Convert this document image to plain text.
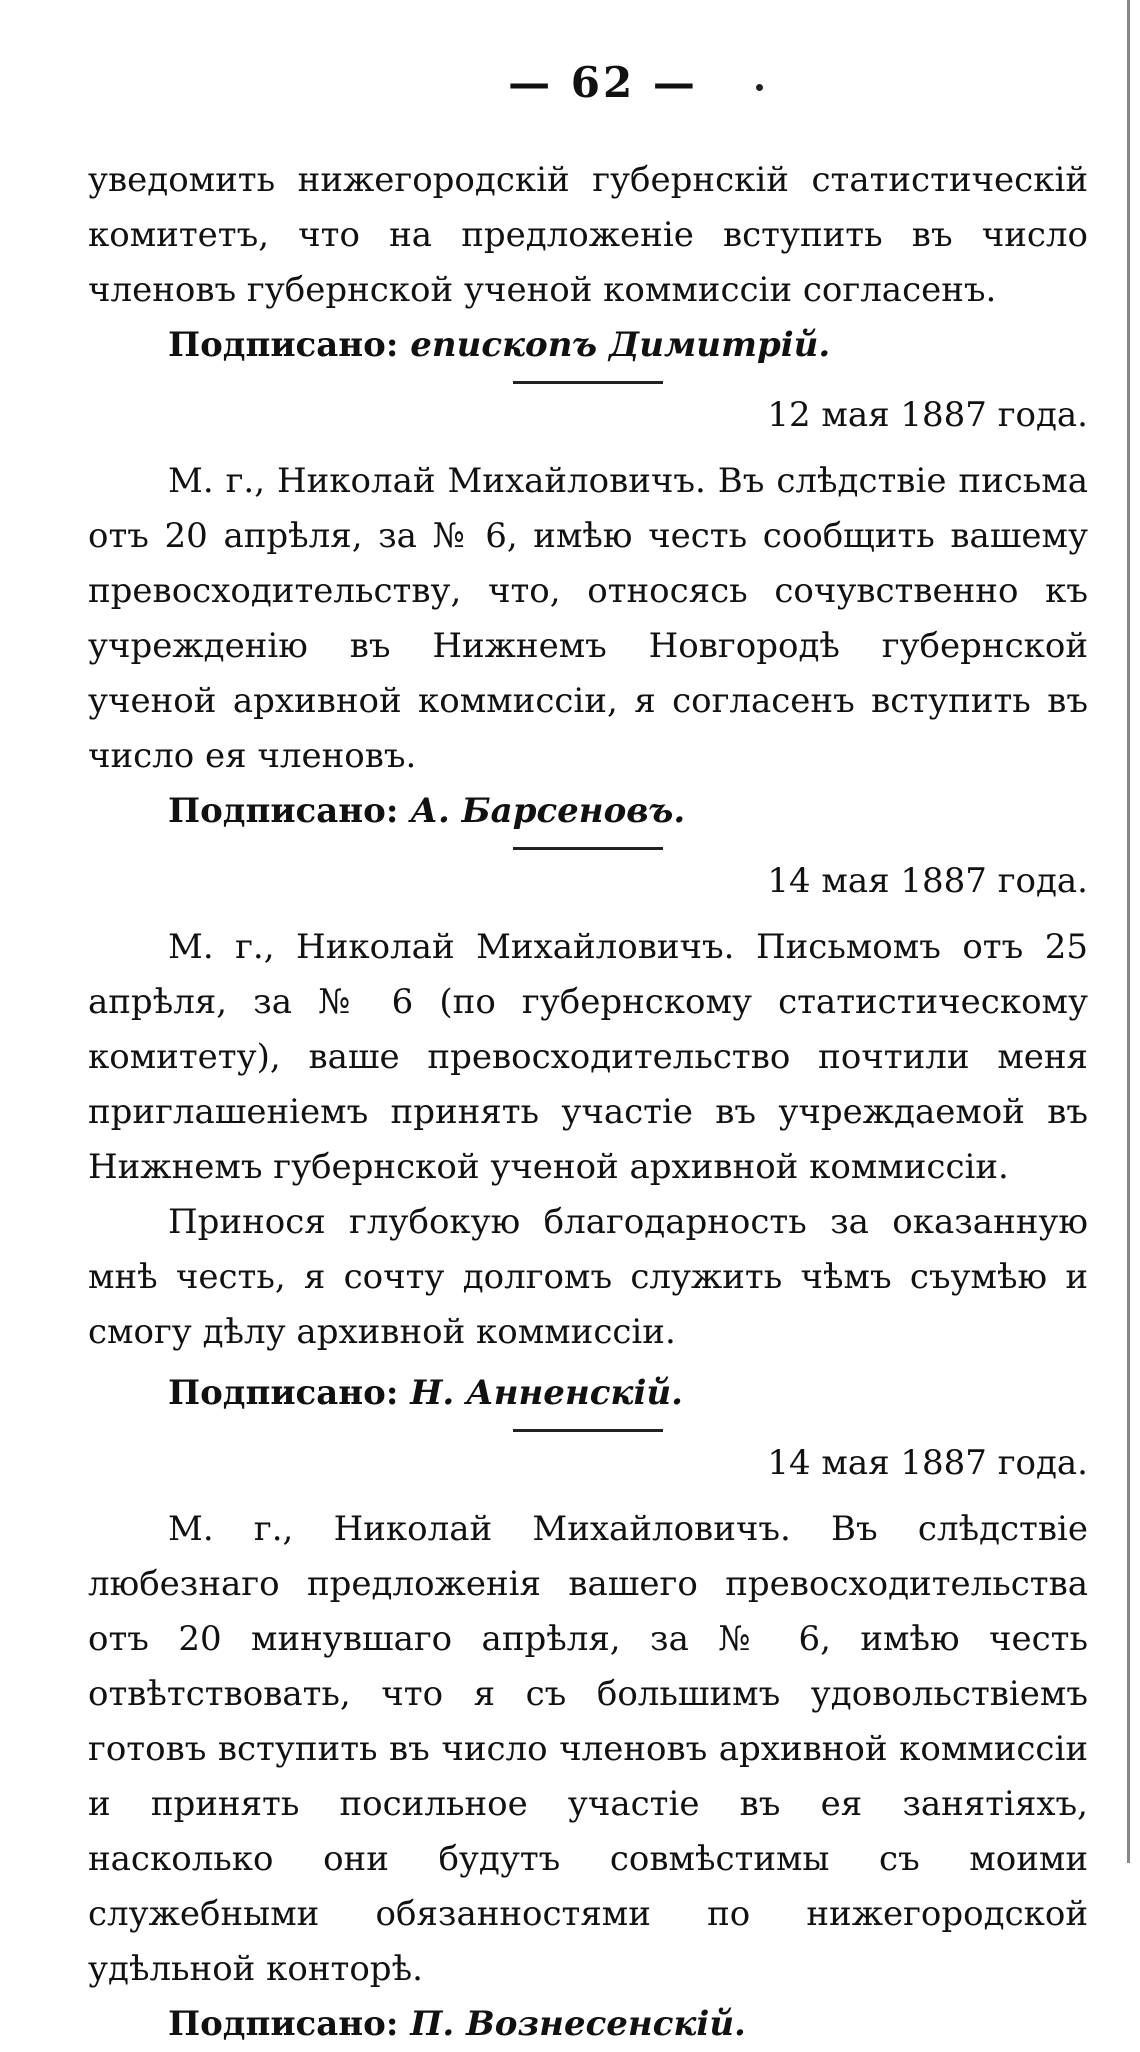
— 62 —

уведомить нижегородскій губернскій статистическій комитетъ, что на предложеніе вступить въ число членовъ губернской ученой коммиссіи согласенъ.

Подписано: епископъ Димитрій.

12 мая 1887 года.

М. г., Николай Михайловичъ. Въ слѣдствіе письма отъ 20 апрѣля, за № 6, имѣю честь сообщить вашему превосходительству, что, относясь сочувственно къ учрежденію въ Нижнемъ Новгородѣ губернской ученой архивной коммиссіи, я согласенъ вступить въ число ея членовъ.

Подписано: А. Барсеновъ.

14 мая 1887 года.

М. г., Николай Михайловичъ. Письмомъ отъ 25 апрѣля, за № 6 (по губернскому статистическому комитету), ваше превосходительство почтили меня приглашеніемъ принять участіе въ учреждаемой въ Нижнемъ губернской ученой архивной коммиссіи.

Принося глубокую благодарность за оказанную мнѣ честь, я сочту долгомъ служить чѣмъ съумѣю и смогу дѣлу архивной коммиссіи.

Подписано: Н. Анненскій.

14 мая 1887 года.

М. г., Николай Михайловичъ. Въ слѣдствіе любезнаго предложенія вашего превосходительства отъ 20 минувшаго апрѣля, за № 6, имѣю честь отвѣтствовать, что я съ большимъ удовольствіемъ готовъ вступить въ число членовъ архивной коммиссіи и принять посильное участіе въ ея занятіяхъ, насколько они будутъ совмѣстимы съ моими служебными обязанностями по нижегородской удѣльной конторѣ.

Подписано: П. Вознесенскій.
